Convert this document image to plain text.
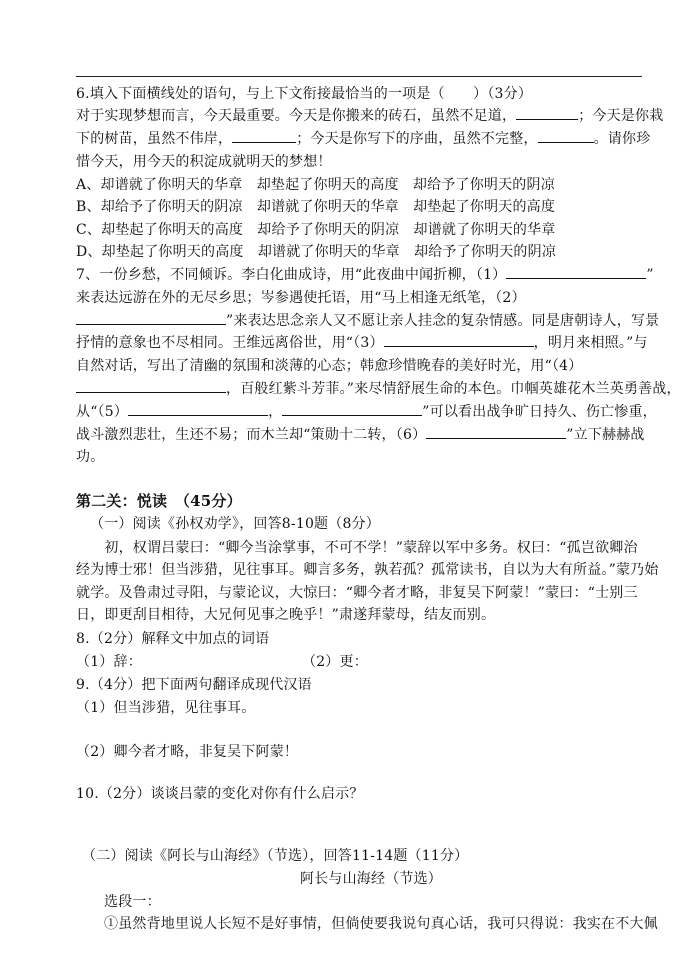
6.填入下面横线处的语句，与上下文衔接最恰当的一项是（　　）（3分）
对于实现梦想而言，今天最重要。今天是你搬来的砖石，虽然不足道，	；今天是你栽
下的树苗，虽然不伟岸，	；今天是你写下的序曲，虽然不完整，	。请你珍
惜今天，用今天的积淀成就明天的梦想！
A、却谱就了你明天的华章　却垫起了你明天的高度　却给予了你明天的阴凉
B、却给予了你明天的阴凉　却谱就了你明天的华章　却垫起了你明天的高度
C、却垫起了你明天的高度　却给予了你明天的阴凉　却谱就了你明天的华章
D、却垫起了你明天的高度　却谱就了你明天的华章　却给予了你明天的阴凉
7、一份乡愁，不同倾诉。李白化曲成诗，用“此夜曲中闻折柳，（1）	”
来表达远游在外的无尽乡思；岑参遇使托语，用“马上相逢无纸笔，（2）
”来表达思念亲人又不愿让亲人挂念的复杂情感。同是唐朝诗人，写景
抒情的意象也不尽相同。王维远离俗世，用“（3）	，明月来相照。”与
自然对话，写出了清幽的氛围和淡薄的心态；韩愈珍惜晚春的美好时光，用“（4）
，百般红紫斗芳菲。”来尽情舒展生命的本色。巾帼英雄花木兰英勇善战，
从“（5）	，	”可以看出战争旷日持久、伤亡惨重，
战斗激烈悲壮，生还不易；而木兰却“策勋十二转，（6）	”立下赫赫战
功。
第二关：悦读　（45分）
（一）阅读《孙权劝学》，回答8-10题（8分）
　　初，权谓吕蒙曰：“卿今当涂掌事，不可不学！”蒙辞以军中多务。权曰：“孤岂欲卿治
经为博士邪！但当涉猎，见往事耳。卿言多务，孰若孤？孤常读书，自以为大有所益。”蒙乃始
就学。及鲁肃过寻阳，与蒙论议，大惊曰：“卿今者才略，非复吴下阿蒙！”蒙曰：“士别三
日，即更刮目相待，大兄何见事之晚乎！”肃遂拜蒙母，结友而别。
8.（2分）解释文中加点的词语
（1）辞：	（2）更：
9.（4分）把下面两句翻译成现代汉语
（1）但当涉猎，见往事耳。
（2）卿今者才略，非复吴下阿蒙！
10.（2分）谈谈吕蒙的变化对你有什么启示？
（二）阅读《阿长与山海经》（节选），回答11-14题（11分）
阿长与山海经（节选）
选段一：
①虽然背地里说人长短不是好事情，但倘使要我说句真心话，我可只得说：我实在不大佩
